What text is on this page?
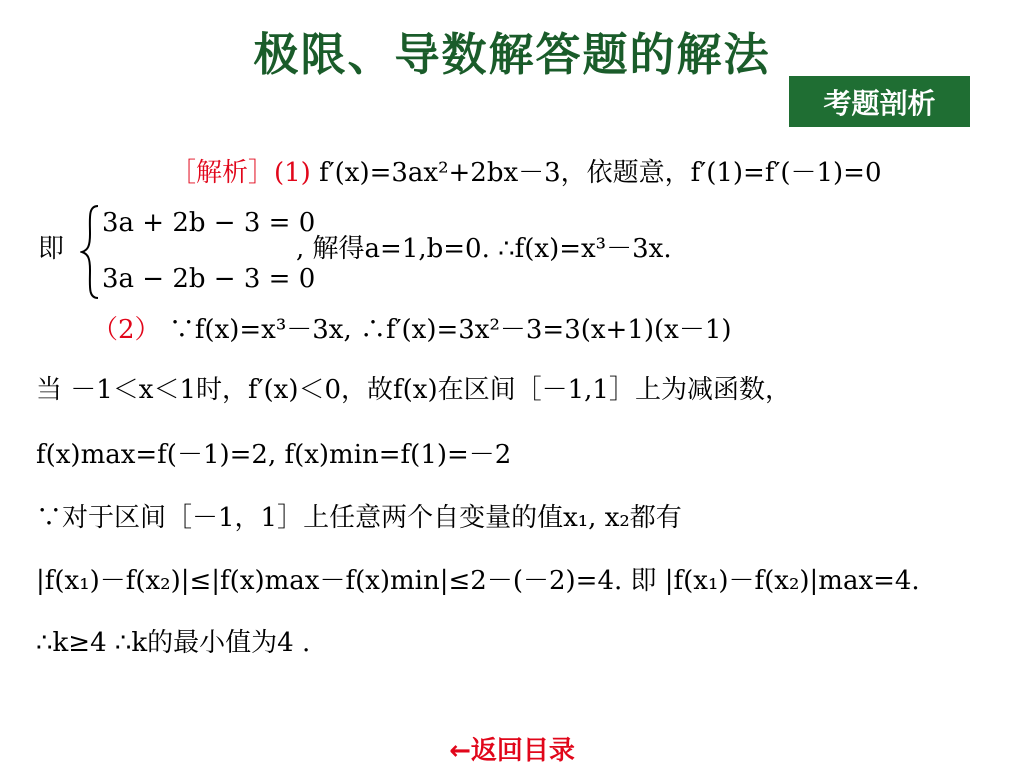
极限、导数解答题的解法
考题剖析
［解析］(1) f′(x)=3ax²+2bx－3，依题意，f′(1)=f′(－1)=0
即
3a + 2b − 3 = 0
3a − 2b − 3 = 0
, 解得a=1,b=0. ∴f(x)=x³－3x.
（2） ∵f(x)=x³－3x, ∴f′(x)=3x²－3=3(x+1)(x－1)
当 －1＜x＜1时，f′(x)＜0，故f(x)在区间［－1,1］上为减函数，
f(x)max=f(－1)=2, f(x)min=f(1)=－2
∵对于区间［－1，1］上任意两个自变量的值x₁, x₂都有
|f(x₁)－f(x₂)|≤|f(x)max－f(x)min|≤2－(－2)=4. 即 |f(x₁)－f(x₂)|max=4.
∴k≥4 ∴k的最小值为4 .
←返回目录
